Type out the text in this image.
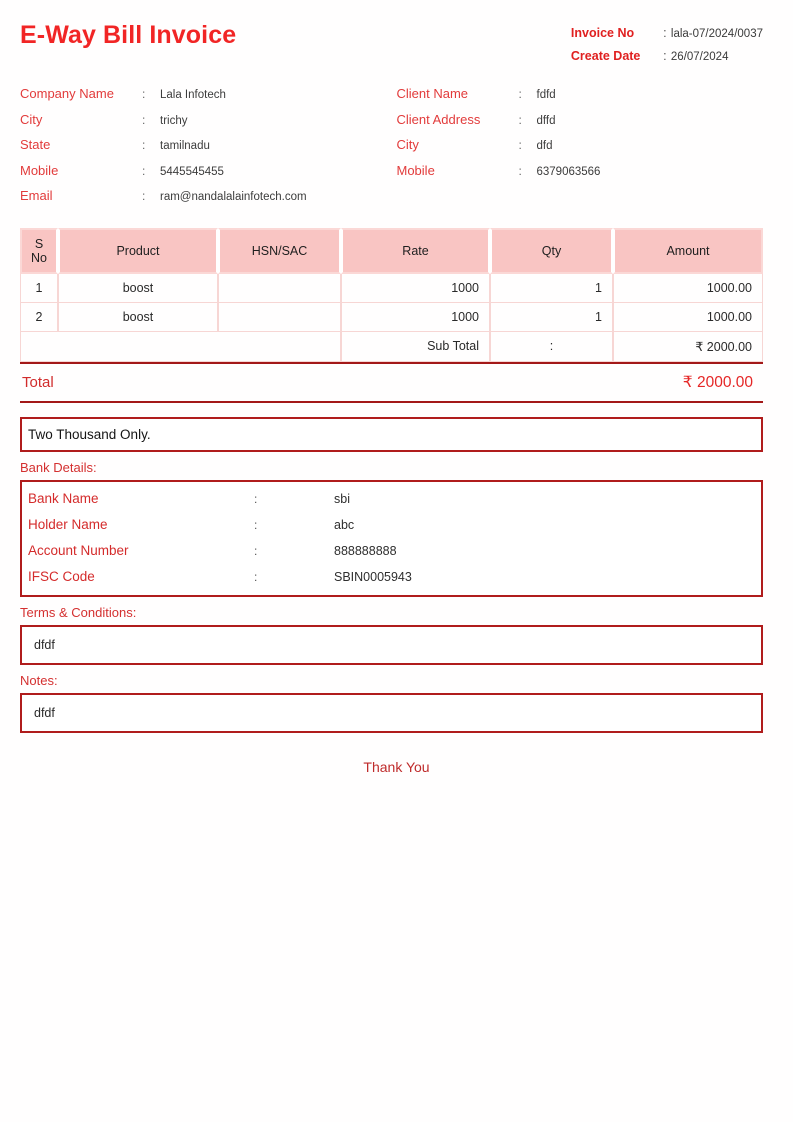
E-Way Bill Invoice	Invoice No	: lala-07/2024/0037
Create Date	: 26/07/2024
Company Name	:	Lala Infotech
City	:	trichy
State	:	tamilnadu
Mobile	:	5445545455
Email	:	ram@nandalalainfotech.com
Client Name	:	fdfd
Client Address	:	dffd
City	:	dfd
Mobile	:	6379063566
S No	Product	HSN/SAC	Rate	Qty	Amount
1	boost		1000	1	1000.00
2	boost		1000	1	1000.00
			Sub Total	:	₹ 2000.00
Total	₹ 2000.00
Two Thousand Only.
Bank Details:
Bank Name	:	sbi
Holder Name	:	abc
Account Number	:	888888888
IFSC Code	:	SBIN0005943
Terms & Conditions:
dfdf
Notes:
dfdf
Thank You
